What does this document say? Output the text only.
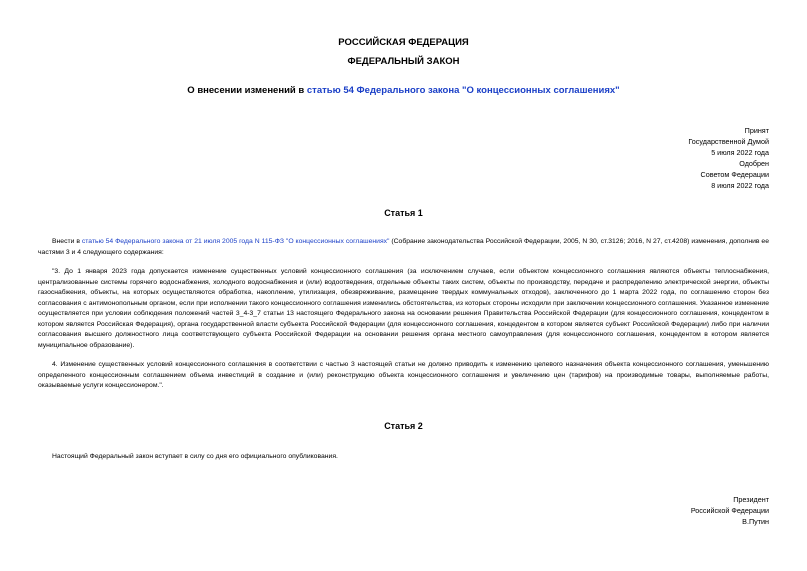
РОССИЙСКАЯ ФЕДЕРАЦИЯ
ФЕДЕРАЛЬНЫЙ ЗАКОН
О внесении изменений в статью 54 Федерального закона "О концессионных соглашениях"
Принят
Государственной Думой
5 июля 2022 года
Одобрен
Советом Федерации
8 июля 2022 года
Статья 1
Внести в статью 54 Федерального закона от 21 июля 2005 года N 115-ФЗ "О концессионных соглашениях" (Собрание законодательства Российской Федерации, 2005, N 30, ст.3126; 2016, N 27, ст.4208) изменения, дополнив ее частями 3 и 4 следующего содержания:
"3. До 1 января 2023 года допускается изменение существенных условий концессионного соглашения (за исключением случаев, если объектом концессионного соглашения являются объекты теплоснабжения, централизованные системы горячего водоснабжения, холодного водоснабжения и (или) водоотведения, отдельные объекты таких систем, объекты по производству, передаче и распределению электрической энергии, объекты газоснабжения, объекты, на которых осуществляются обработка, накопление, утилизация, обезвреживание, размещение твердых коммунальных отходов), заключенного до 1 марта 2022 года, по соглашению сторон без согласования с антимонопольным органом, если при исполнении такого концессионного соглашения изменились обстоятельства, из которых стороны исходили при заключении концессионного соглашения. Указанное изменение осуществляется при условии соблюдения положений частей 3_4-3_7 статьи 13 настоящего Федерального закона на основании решения Правительства Российской Федерации (для концессионного соглашения, концедентом в котором является Российская Федерация), органа государственной власти субъекта Российской Федерации (для концессионного соглашения, концедентом в котором является субъект Российской Федерации) либо при наличии согласования высшего должностного лица соответствующего субъекта Российской Федерации на основании решения органа местного самоуправления (для концессионного соглашения, концедентом в котором является муниципальное образование).
4. Изменение существенных условий концессионного соглашения в соответствии с частью 3 настоящей статьи не должно приводить к изменению целевого назначения объекта концессионного соглашения, уменьшению определенного концессионным соглашением объема инвестиций в создание и (или) реконструкцию объекта концессионного соглашения и увеличению цен (тарифов) на производимые товары, выполняемые работы, оказываемые услуги концессионером.".
Статья 2
Настоящий Федеральный закон вступает в силу со дня его официального опубликования.
Президент
Российской Федерации
В.Путин
